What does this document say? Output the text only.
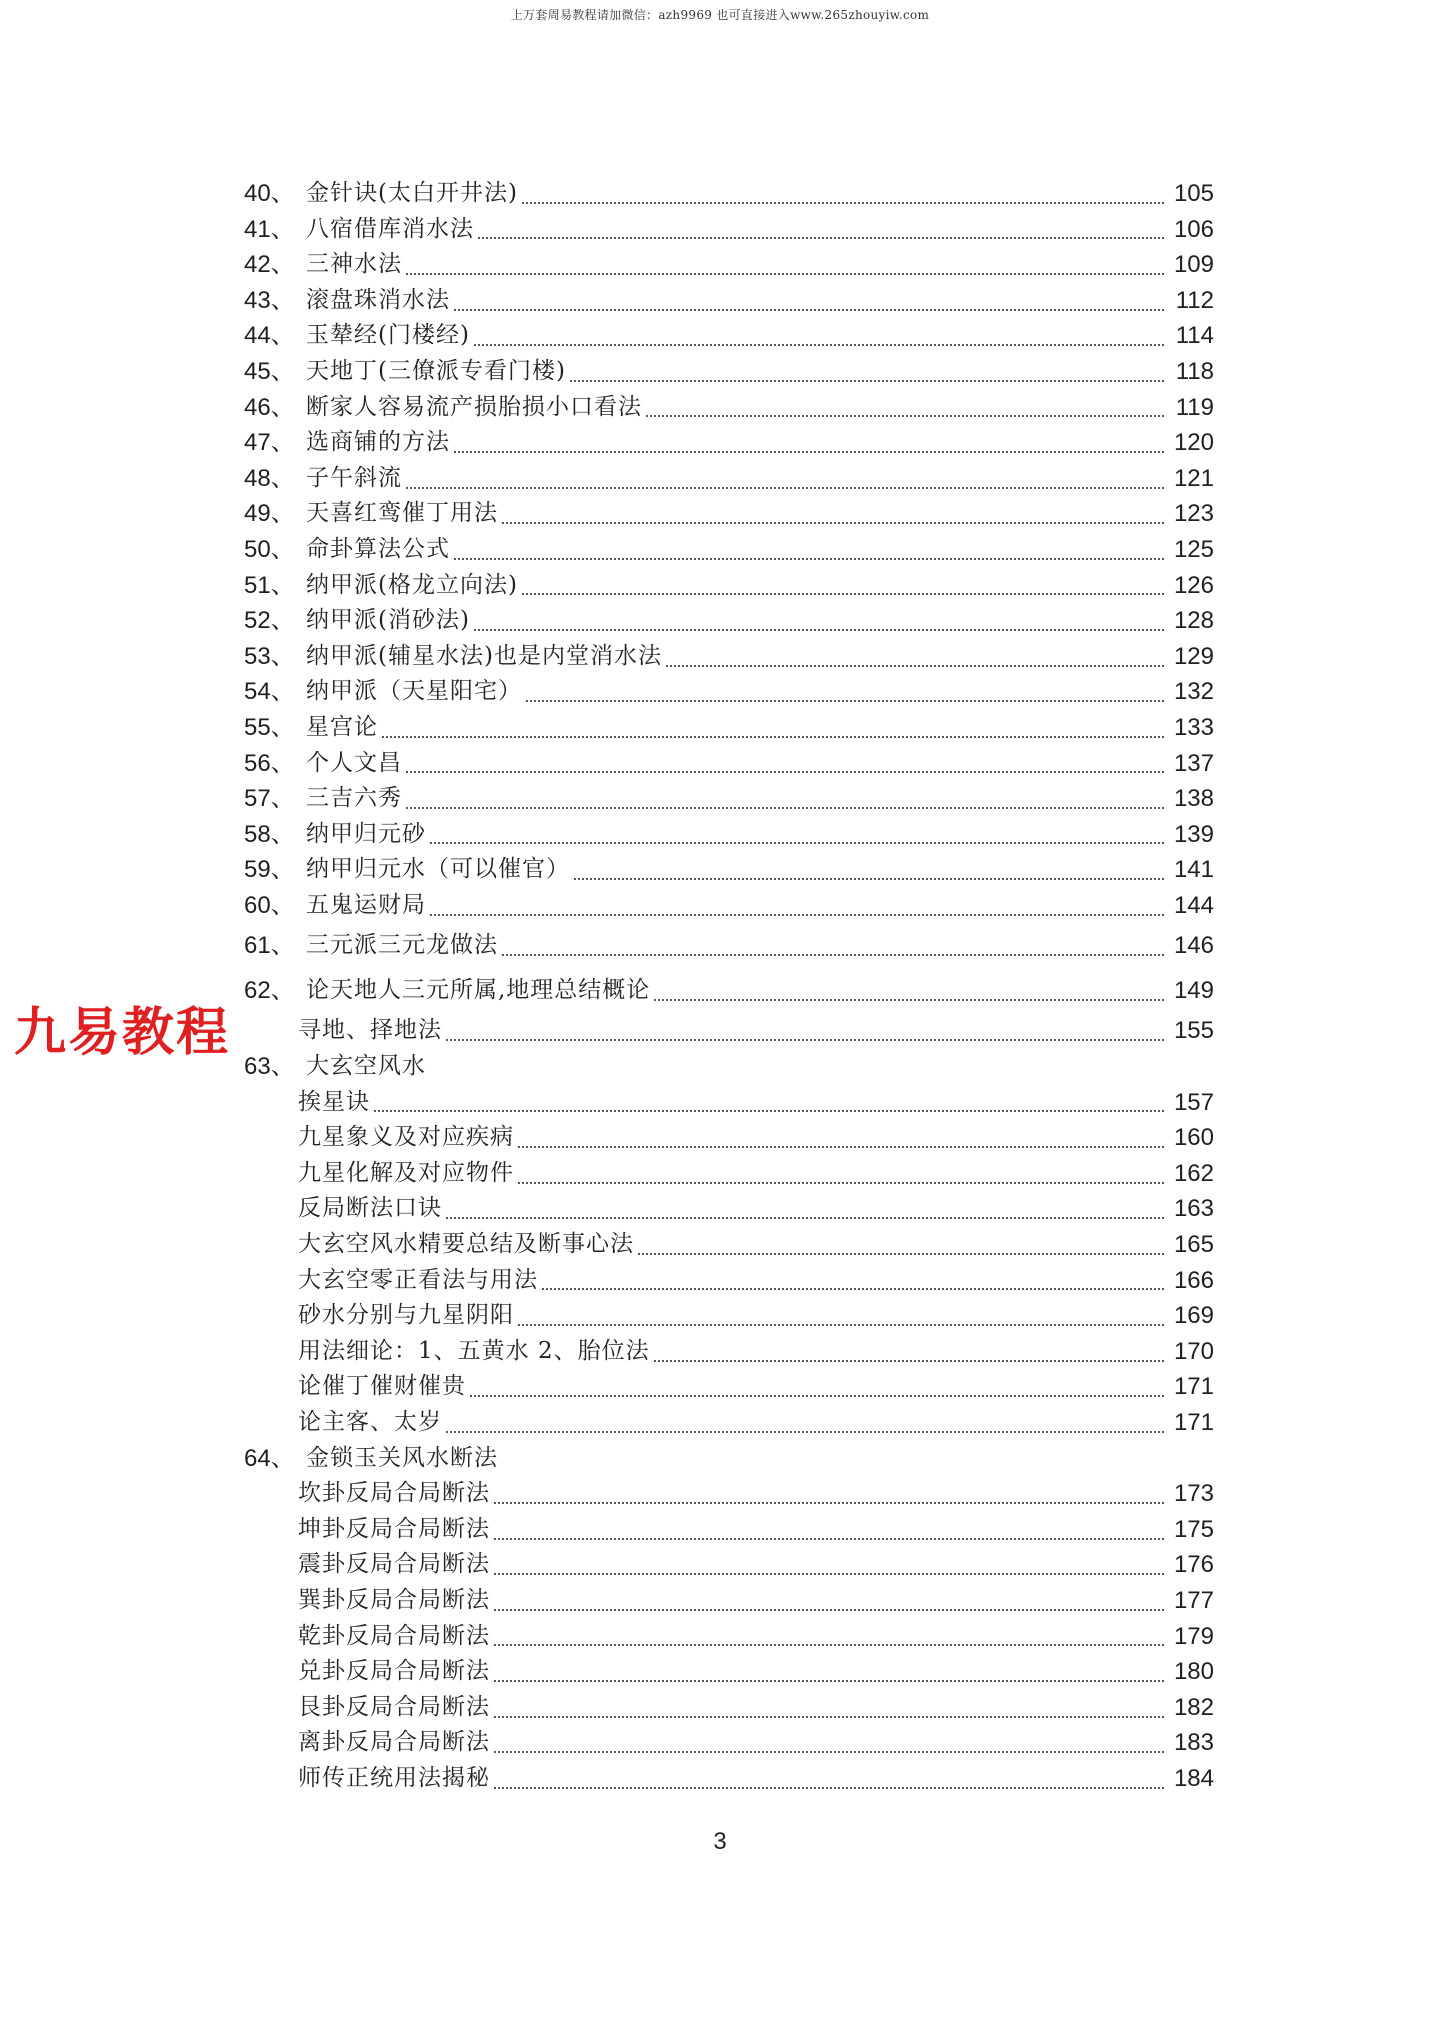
上万套周易教程请加微信：azh9969 也可直接进入www.265zhouyiw.com
40、 金针诀(太白开井法)	105
41、 八宿借库消水法	106
42、 三神水法	109
43、 滚盘珠消水法	112
44、 玉辇经(门楼经)	114
45、 天地丁(三僚派专看门楼)	118
46、 断家人容易流产损胎损小口看法	119
47、 选商铺的方法	120
48、 子午斜流	121
49、 天喜红鸾催丁用法	123
50、 命卦算法公式	125
51、 纳甲派(格龙立向法)	126
52、 纳甲派(消砂法)	128
53、 纳甲派(辅星水法)也是内堂消水法	129
54、 纳甲派（天星阳宅）	132
55、 星宫论	133
56、 个人文昌	137
57、 三吉六秀	138
58、 纳甲归元砂	139
59、 纳甲归元水（可以催官）	141
60、 五鬼运财局	144
61、 三元派三元龙做法	146
62、 论天地人三元所属,地理总结概论	149
寻地、择地法	155
63、 大玄空风水
挨星诀	157
九星象义及对应疾病	160
九星化解及对应物件	162
反局断法口诀	163
大玄空风水精要总结及断事心法	165
大玄空零正看法与用法	166
砂水分别与九星阴阳	169
用法细论：1、五黄水 2、胎位法	170
论催丁催财催贵	171
论主客、太岁	171
64、 金锁玉关风水断法
坎卦反局合局断法	173
坤卦反局合局断法	175
震卦反局合局断法	176
巽卦反局合局断法	177
乾卦反局合局断法	179
兑卦反局合局断法	180
艮卦反局合局断法	182
离卦反局合局断法	183
师传正统用法揭秘	184
九易教程
3
